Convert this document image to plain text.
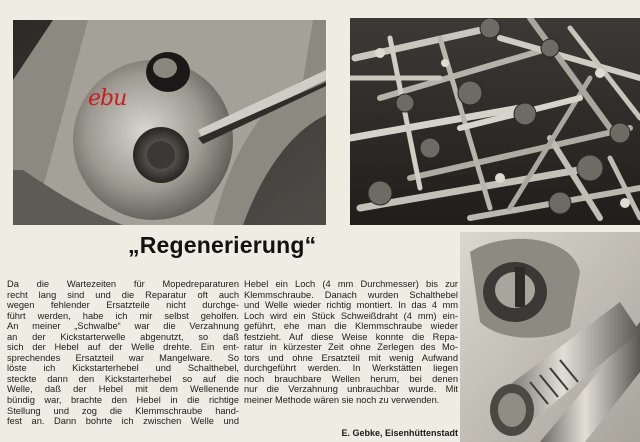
ebu
„Regenerierung“
Da die Wartezeiten für Mopedreparaturen
recht lang sind und die Reparatur oft auch
wegen fehlender Ersatzteile nicht durchge-
führt werden, habe ich mir selbst geholfen.
An meiner „Schwalbe“ war die Verzahnung
an der Kickstarterwelle abgenutzt, so daß
sich der Hebel auf der Welle drehte. Ein ent-
sprechendes Ersatzteil war Mangelware. So
löste ich Kickstarterhebel und Schalthebel,
steckte dann den Kickstarterhebel so auf die
Welle, daß der Hebel mit dem Wellenende
bündig war, brachte den Hebel in die richtige
Stellung und zog die Klemmschraube hand-
fest an. Dann bohrte ich zwischen Welle und
Hebel ein Loch (4 mm Durchmesser) bis zur
Klemmschraube. Danach wurden Schalthebel
und Welle wieder richtig montiert. In das 4 mm
Loch wird ein Stück Schweißdraht (4 mm) ein-
geführt, ehe man die Klemmschraube wieder
festzieht. Auf diese Weise konnte die Repa-
ratur in kürzester Zeit ohne Zerlegen des Mo-
tors und ohne Ersatzteil mit wenig Aufwand
durchgeführt werden. In Werkstätten liegen
noch brauchbare Wellen herum, bei denen
nur die Verzahnung unbrauchbar wurde. Mit
meiner Methode wären sie noch zu verwenden.
E. Gebke, Eisenhüttenstadt
